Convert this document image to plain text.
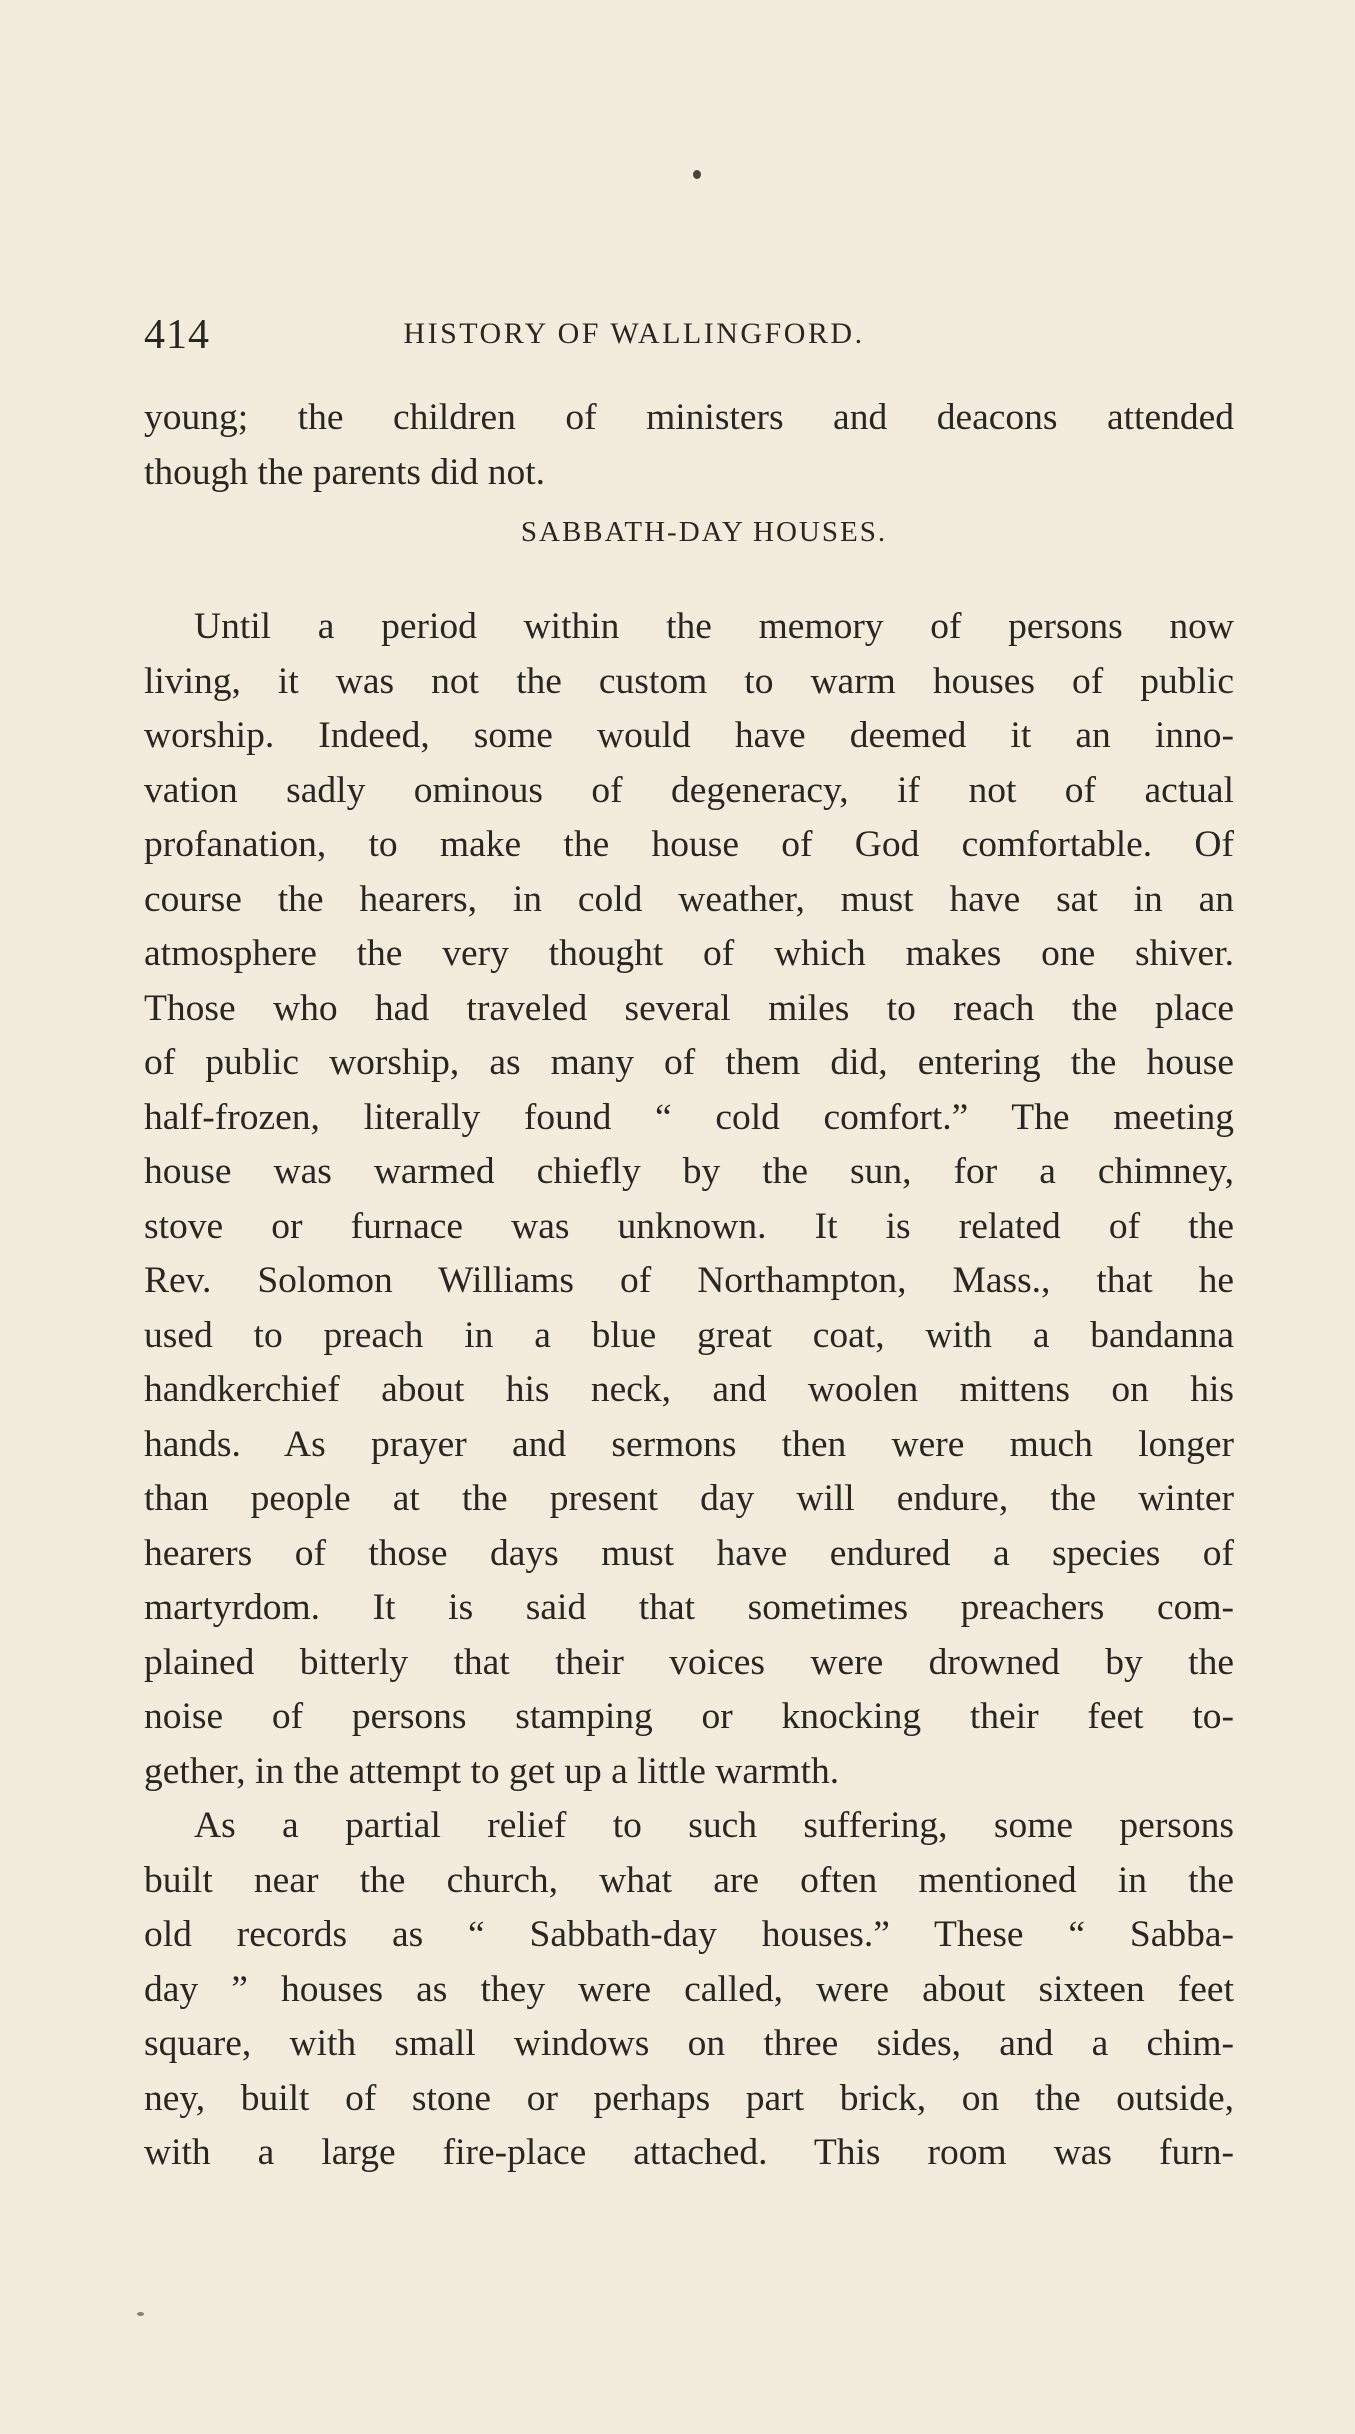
414	HISTORY OF WALLINGFORD.
young; the children of ministers and deacons attended
though the parents did not.
SABBATH-DAY HOUSES.
Until a period within the memory of persons now
living, it was not the custom to warm houses of public
worship. Indeed, some would have deemed it an inno-
vation sadly ominous of degeneracy, if not of actual
profanation, to make the house of God comfortable. Of
course the hearers, in cold weather, must have sat in an
atmosphere the very thought of which makes one shiver.
Those who had traveled several miles to reach the place
of public worship, as many of them did, entering the house
half-frozen, literally found “ cold comfort.” The meeting
house was warmed chiefly by the sun, for a chimney,
stove or furnace was unknown. It is related of the
Rev. Solomon Williams of Northampton, Mass., that he
used to preach in a blue great coat, with a bandanna
handkerchief about his neck, and woolen mittens on his
hands. As prayer and sermons then were much longer
than people at the present day will endure, the winter
hearers of those days must have endured a species of
martyrdom. It is said that sometimes preachers com-
plained bitterly that their voices were drowned by the
noise of persons stamping or knocking their feet to-
gether, in the attempt to get up a little warmth.
As a partial relief to such suffering, some persons
built near the church, what are often mentioned in the
old records as “ Sabbath-day houses.” These “ Sabba-
day ” houses as they were called, were about sixteen feet
square, with small windows on three sides, and a chim-
ney, built of stone or perhaps part brick, on the outside,
with a large fire-place attached. This room was furn-
